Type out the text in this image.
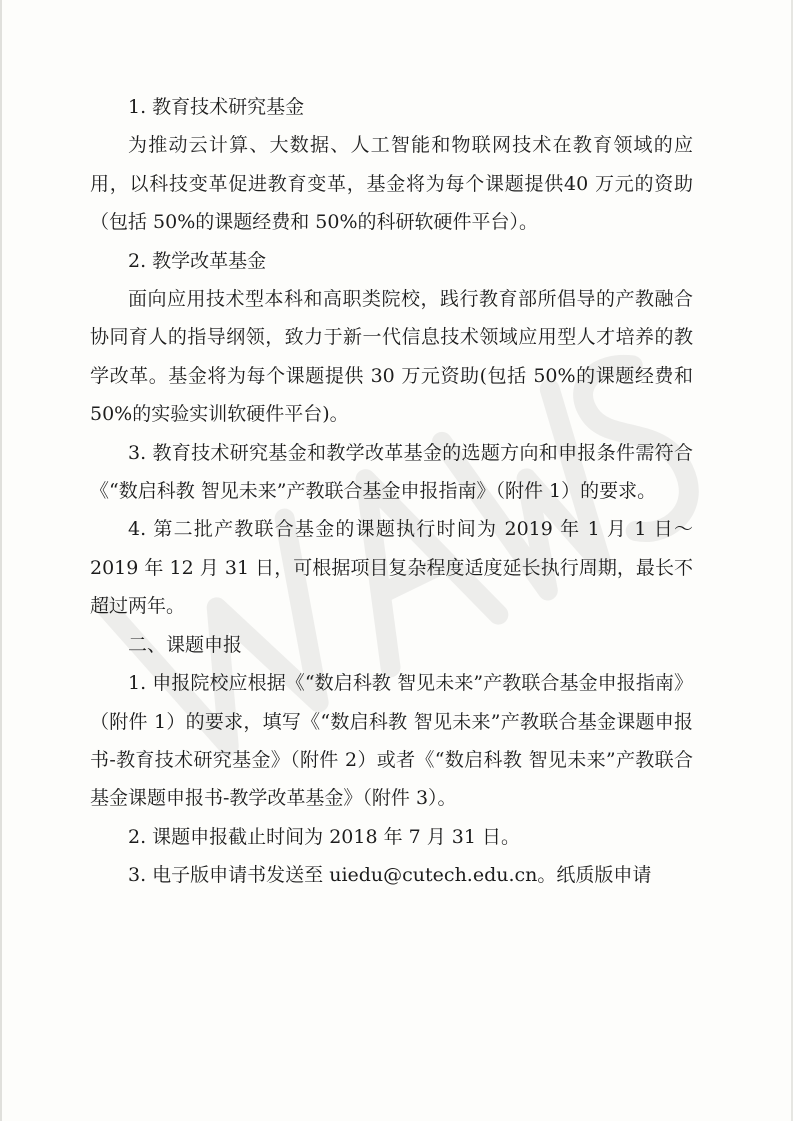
1. 教育技术研究基金

为推动云计算、大数据、人工智能和物联网技术在教育领域的应用，以科技变革促进教育变革，基金将为每个课题提供40 万元的资助（包括 50%的课题经费和 50%的科研软硬件平台）。

2. 教学改革基金

面向应用技术型本科和高职类院校，践行教育部所倡导的产教融合协同育人的指导纲领，致力于新一代信息技术领域应用型人才培养的教学改革。基金将为每个课题提供 30 万元资助(包括 50%的课题经费和50%的实验实训软硬件平台)。

3. 教育技术研究基金和教学改革基金的选题方向和申报条件需符合《“数启科教 智见未来”产教联合基金申报指南》（附件 1）的要求。

4. 第二批产教联合基金的课题执行时间为 2019 年 1 月 1 日～2019 年 12 月 31 日，可根据项目复杂程度适度延长执行周期，最长不超过两年。

二、课题申报

1. 申报院校应根据《“数启科教 智见未来”产教联合基金申报指南》（附件 1）的要求，填写《“数启科教 智见未来”产教联合基金课题申报书-教育技术研究基金》（附件 2）或者《“数启科教 智见未来”产教联合基金课题申报书-教学改革基金》（附件 3）。

2. 课题申报截止时间为 2018 年 7 月 31 日。

3. 电子版申请书发送至 uiedu@cutech.edu.cn。纸质版申请
